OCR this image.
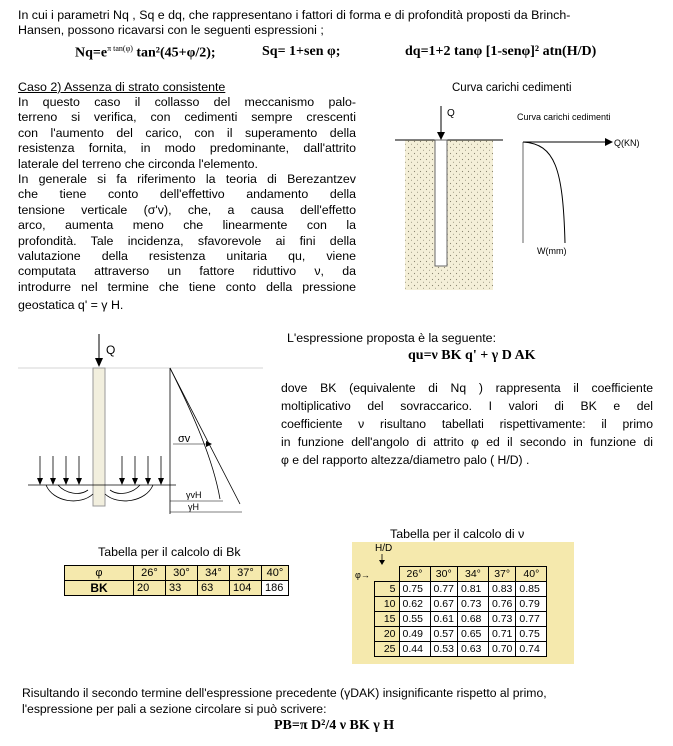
In cui i parametri Nq , Sq e dq, che rappresentano i fattori di forma e di profondità proposti da Brinch-
Hansen, possono ricavarsi con le seguenti espressioni ;
$Nq=e^{\pi tan(\varphi)}$ tan²(45+φ/2);	Sq= 1+sen φ;	dq=1+2 tanφ [1-senφ]² atn(H/D)
Caso 2) Assenza di strato consistente
In questo caso il collasso del meccanismo palo-
terreno si verifica, con cedimenti sempre crescenti
con l'aumento del carico, con il superamento della
resistenza fornita, in modo predominante, dall'attrito
laterale del terreno che circonda l'elemento.
In generale si fa riferimento la teoria di Berezantzev
che tiene conto dell'effettivo andamento della
tensione verticale (σ'v), che, a causa dell'effetto
arco, aumenta meno che linearmente con la
profondità. Tale incidenza, sfavorevole ai fini della
valutazione della resistenza unitaria qu, viene
computata attraverso un fattore riduttivo ν, da
introdurre nel termine che tiene conto della pressione
geostatica q' = γ H.
Curva carichi cedimenti
Q	Curva carichi cedimenti
Q(KN)
W(mm)
Q
σv
γvH
γH
L'espressione proposta è la seguente:
qu=ν BK q' + γ D AK
dove BK (equivalente di Nq ) rappresenta il coefficiente
moltiplicativo del sovraccarico. I valori di BK e del
coefficiente ν risultano tabellati rispettivamente: il primo
in funzione dell'angolo di attrito φ ed il secondo in funzione di
φ e del rapporto altezza/diametro palo ( H/D) .
Tabella per il calcolo di Bk
φ	26°	30°	34°	37°	40°
BK	20	33	63	104	186
Tabella per il calcolo di ν
H/D
φ→
		26°	30°	34°	37°	40°
5	0.75	0.77	0.81	0.83	0.85
10	0.62	0.67	0.73	0.76	0.79
15	0.55	0.61	0.68	0.73	0.77
20	0.49	0.57	0.65	0.71	0.75
25	0.44	0.53	0.63	0.70	0.74
Risultando il secondo termine dell'espressione precedente (γDAK) insignificante rispetto al primo,
l'espressione per pali a sezione circolare si può scrivere:
PB=π D²/4 ν BK γ H
